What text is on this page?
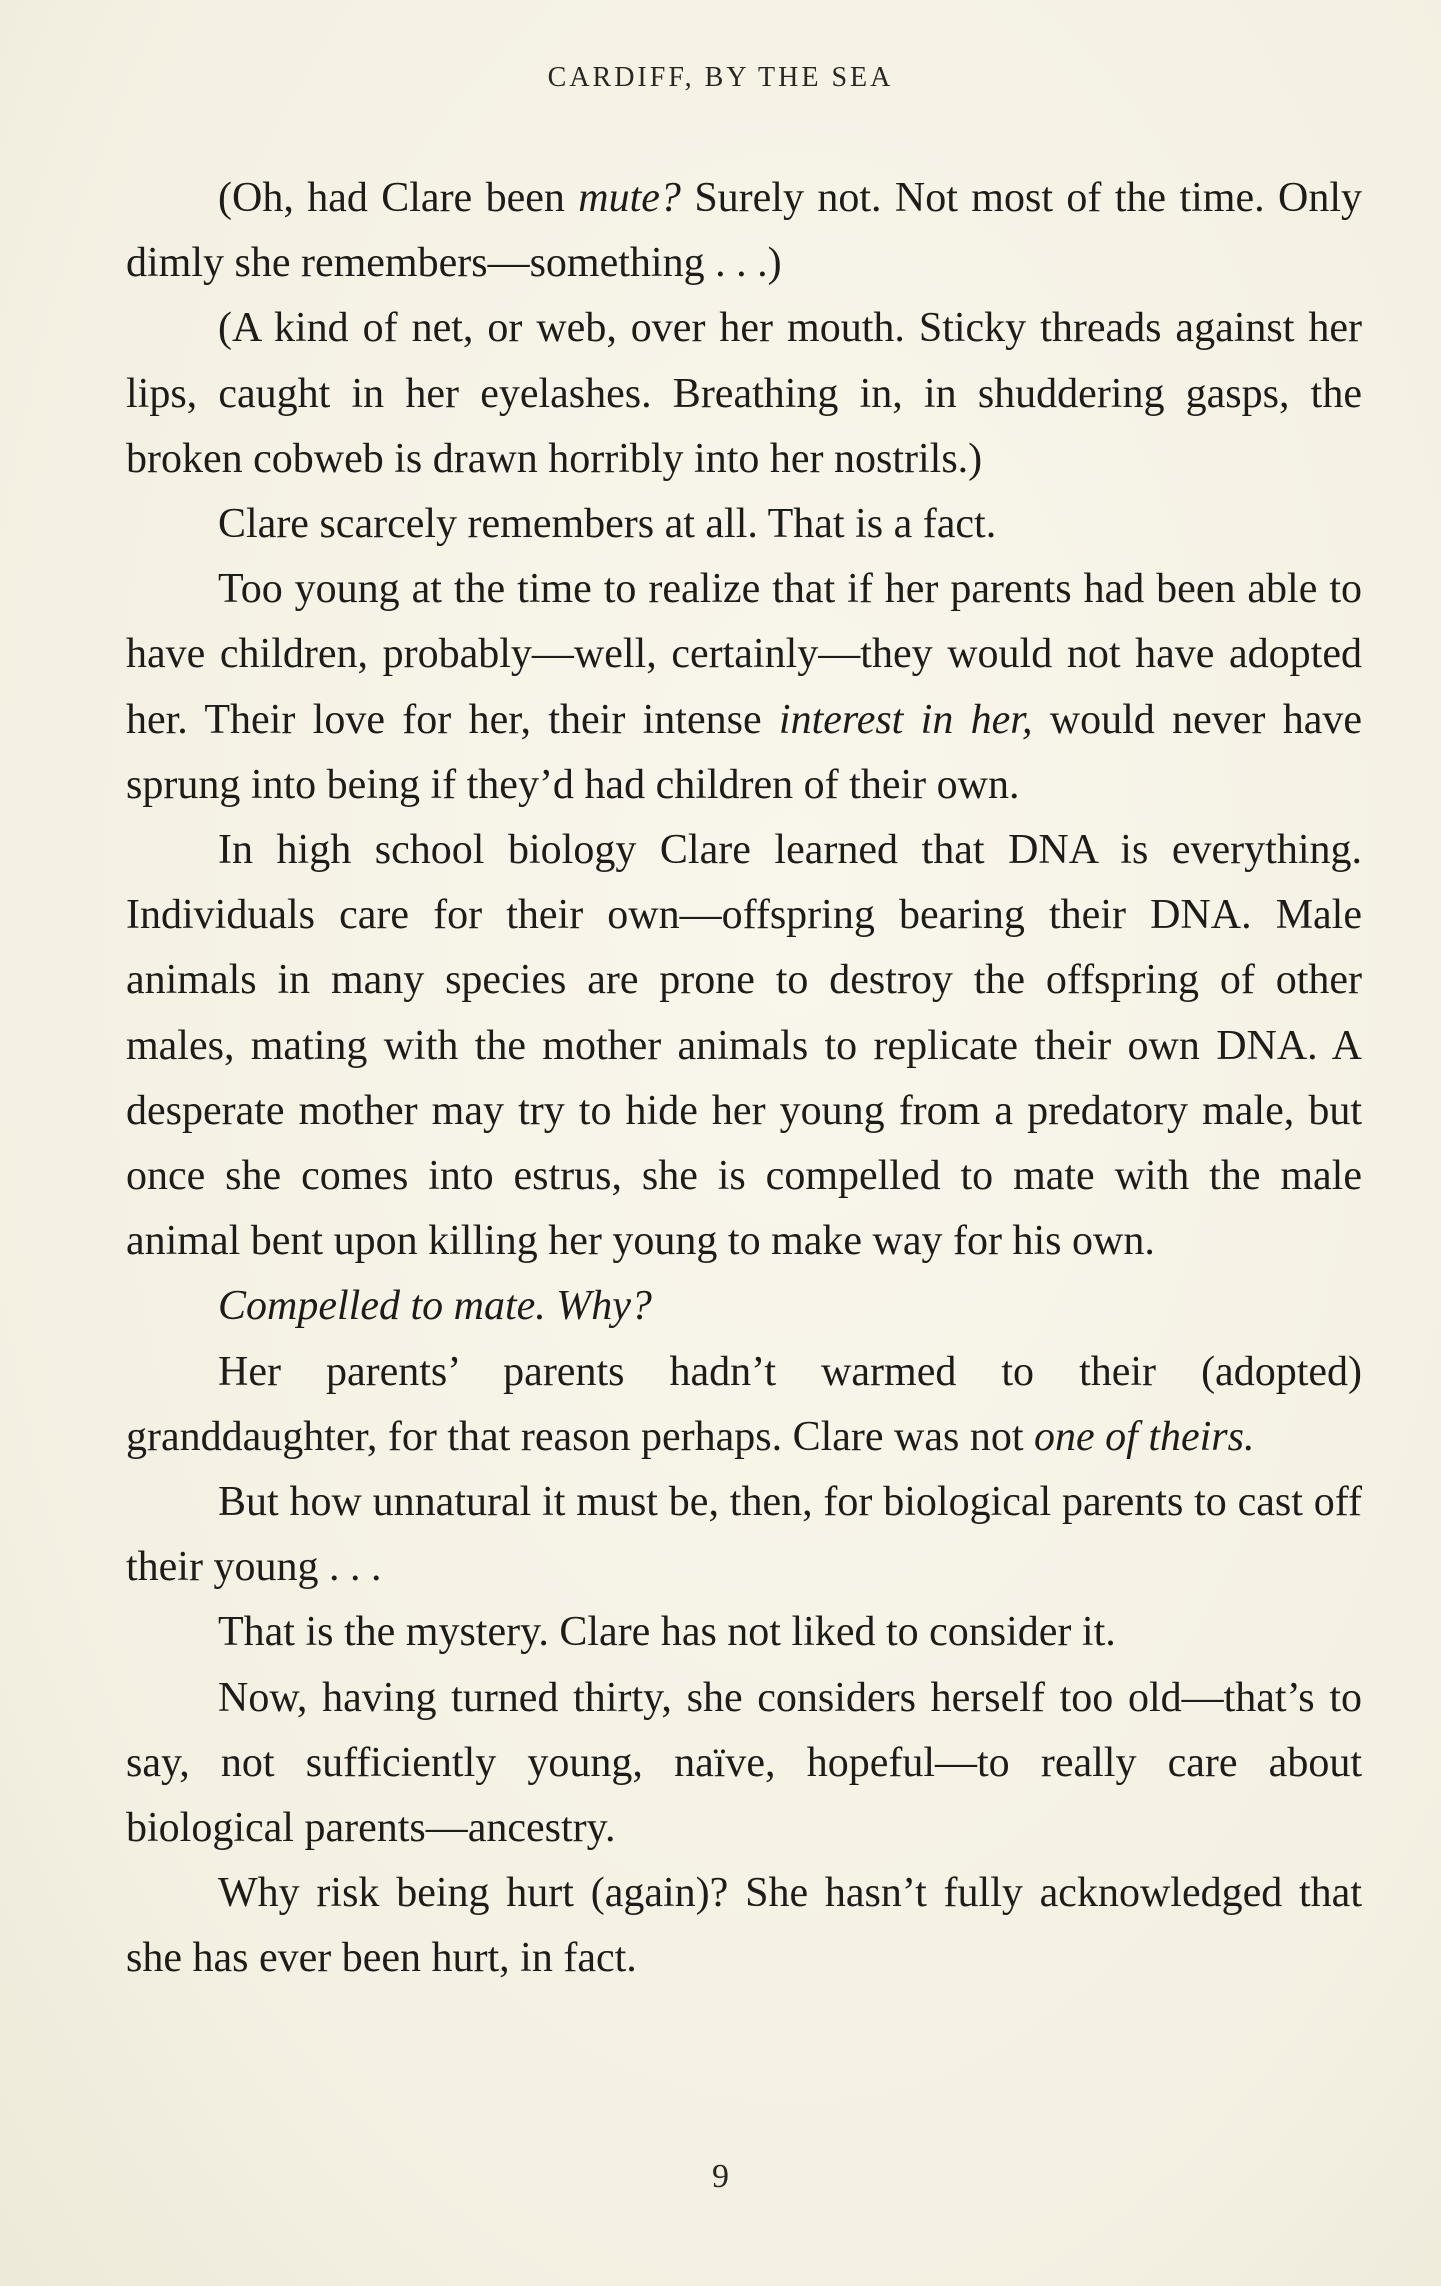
CARDIFF, BY THE SEA

(Oh, had Clare been mute? Surely not. Not most of the time. Only dimly she remembers—something . . .)

(A kind of net, or web, over her mouth. Sticky threads against her lips, caught in her eyelashes. Breathing in, in shuddering gasps, the broken cobweb is drawn horribly into her nostrils.)

Clare scarcely remembers at all. That is a fact.

Too young at the time to realize that if her parents had been able to have children, probably—well, certainly—they would not have adopted her. Their love for her, their intense interest in her, would never have sprung into being if they’d had children of their own.

In high school biology Clare learned that DNA is everything. Individuals care for their own—offspring bearing their DNA. Male animals in many species are prone to destroy the offspring of other males, mating with the mother animals to replicate their own DNA. A desperate mother may try to hide her young from a predatory male, but once she comes into estrus, she is compelled to mate with the male animal bent upon killing her young to make way for his own.

Compelled to mate. Why?

Her parents’ parents hadn’t warmed to their (adopted) granddaughter, for that reason perhaps. Clare was not one of theirs.

But how unnatural it must be, then, for biological parents to cast off their young . . .

That is the mystery. Clare has not liked to consider it.

Now, having turned thirty, she considers herself too old—that’s to say, not sufficiently young, naïve, hopeful—to really care about biological parents—ancestry.

Why risk being hurt (again)? She hasn’t fully acknowledged that she has ever been hurt, in fact.

9
